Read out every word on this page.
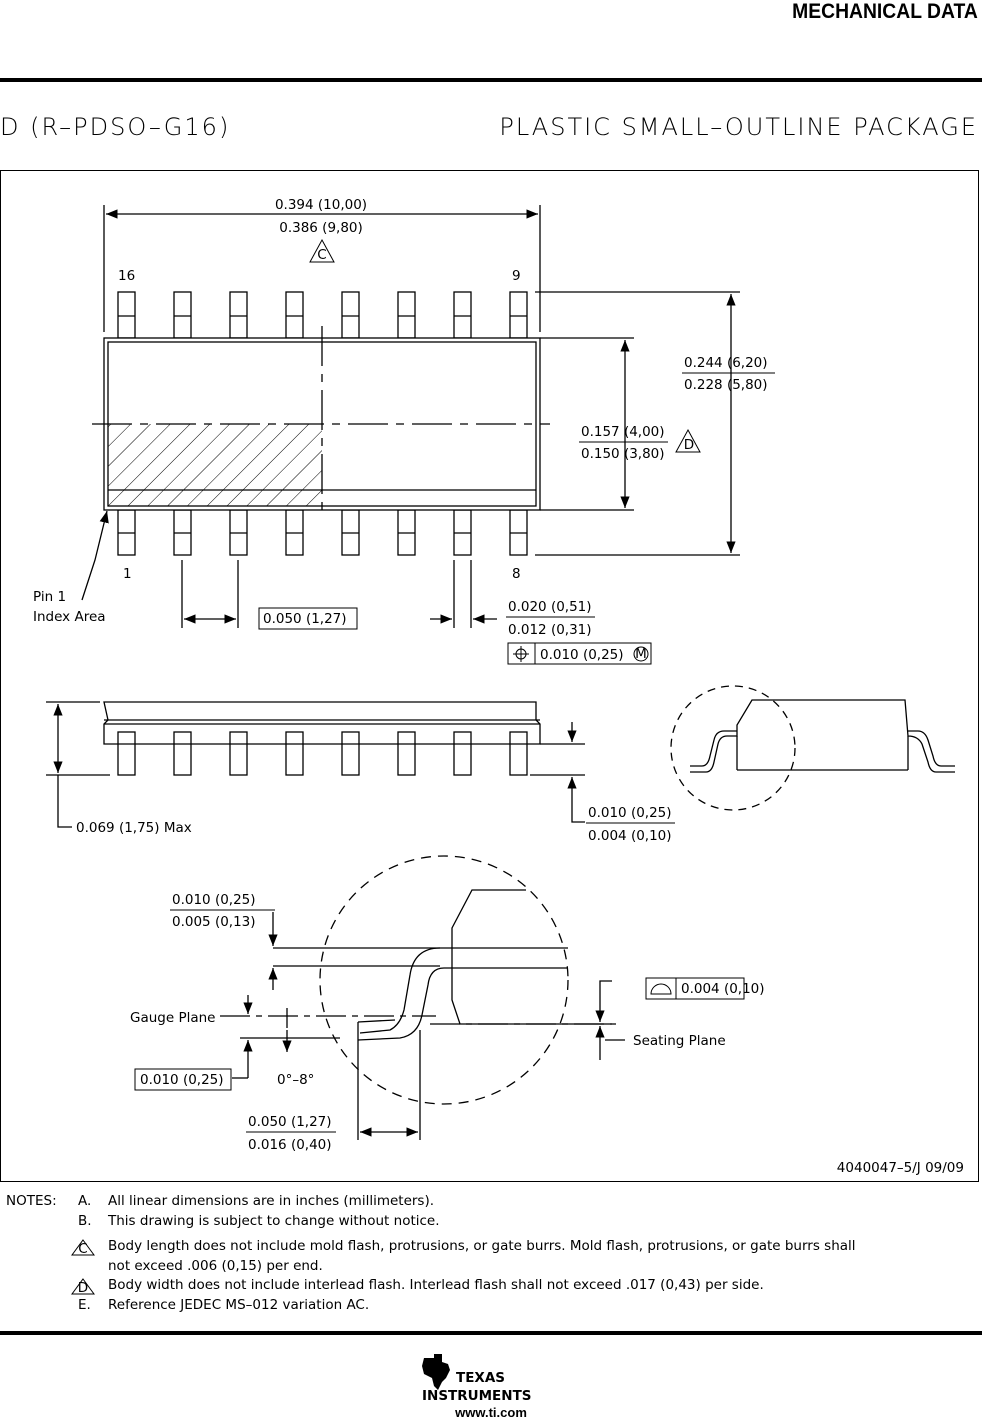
MECHANICAL DATA
D (R–PDSO–G16)	PLASTIC SMALL–OUTLINE PACKAGE
0.394 (10,00)
0.386 (9,80)
C
16	9
1	8
0.244 (6,20)
0.228 (5,80)
0.157 (4,00)
0.150 (3,80)
D
Pin 1
Index Area	0.050 (1,27)
0.020 (0,51)
0.012 (0,31)
0.010 (0,25) M
0.069 (1,75) Max
0.010 (0,25)
0.004 (0,10)
0.010 (0,25)
0.005 (0,13)
Gauge Plane
0.010 (0,25)	0°–8°
0.004 (0,10)
Seating Plane
0.050 (1,27)
0.016 (0,40)
4040047–5/J 09/09
NOTES: A. All linear dimensions are in inches (millimeters).
B. This drawing is subject to change without notice.
C Body length does not include mold flash, protrusions, or gate burrs. Mold flash, protrusions, or gate burrs shall
not exceed .006 (0,15) per end.
D Body width does not include interlead flash. Interlead flash shall not exceed .017 (0,43) per side.
E. Reference JEDEC MS–012 variation AC.
ti TEXAS
INSTRUMENTS
www.ti.com
